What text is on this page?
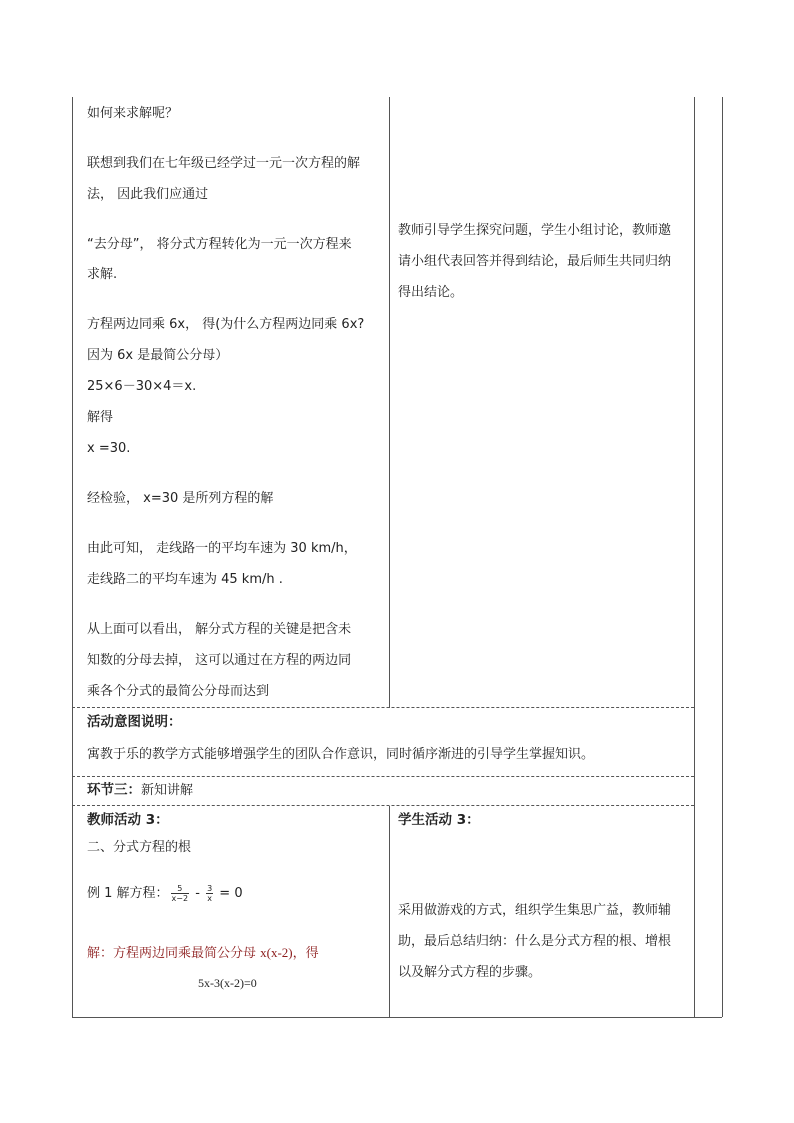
如何来求解呢？
联想到我们在七年级已经学过一元一次方程的解
法， 因此我们应通过
“去分母”， 将分式方程转化为一元一次方程来
求解.
方程两边同乘 6x， 得(为什么方程两边同乘 6x?
因为 6x 是最简公分母）
25×6－30×4＝x.
解得
x =30.
经检验， x=30 是所列方程的解
由此可知， 走线路一的平均车速为 30 km/h，
走线路二的平均车速为 45 km/h .
从上面可以看出， 解分式方程的关键是把含未
知数的分母去掉， 这可以通过在方程的两边同
乘各个分式的最简公分母而达到
教师引导学生探究问题，学生小组讨论，教师邀
请小组代表回答并得到结论，最后师生共同归纳
得出结论。
活动意图说明：
寓教于乐的教学方式能够增强学生的团队合作意识，同时循序渐进的引导学生掌握知识。
环节三：新知讲解
教师活动 3：
二、分式方程的根
例 1 解方程： $\frac{5}{x-2} - \frac{3}{x} = 0$
解：方程两边同乘最简公分母 x(x-2)，得
5x-3(x-2)=0
学生活动 3：
采用做游戏的方式，组织学生集思广益，教师辅
助，最后总结归纳：什么是分式方程的根、增根
以及解分式方程的步骤。
